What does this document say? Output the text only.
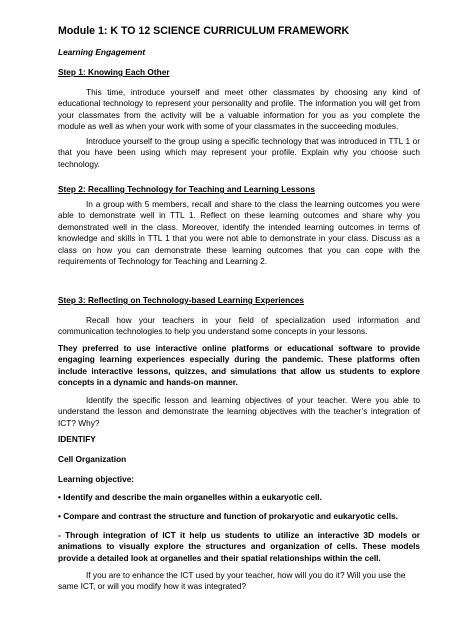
Module 1: K TO 12 SCIENCE CURRICULUM FRAMEWORK

Learning Engagement

Step 1: Knowing Each Other

This time, introduce yourself and meet other classmates by choosing any kind of educational technology to represent your personality and profile. The information you will get from your classmates from the activity will be a valuable information for you as you complete the module as well as when your work with some of your classmates in the succeeding modules.

Introduce yourself to the group using a specific technology that was introduced in TTL 1 or that you have been using which may represent your profile. Explain why you choose such technology.

Step 2: Recalling Technology for Teaching and Learning Lessons

In a group with 5 members, recall and share to the class the learning outcomes you were able to demonstrate well in TTL 1. Reflect on these learning outcomes and share why you demonstrated well in the class. Moreover, identify the intended learning outcomes in terms of knowledge and skills in TTL 1 that you were not able to demonstrate in your class. Discuss as a class on how you can demonstrate these learning outcomes that you can cope with the requirements of Technology for Teaching and Learning 2.

Step 3: Reflecting on Technology-based Learning Experiences

Recall how your teachers in your field of specialization used information and communication technologies to help you understand some concepts in your lessons.

They preferred to use interactive online platforms or educational software to provide engaging learning experiences especially during the pandemic. These platforms often include interactive lessons, quizzes, and simulations that allow us students to explore concepts in a dynamic and hands-on manner.

Identify the specific lesson and learning objectives of your teacher. Were you able to understand the lesson and demonstrate the learning objectives with the teacher’s integration of ICT? Why?

IDENTIFY

Cell Organization

Learning objective:

• Identify and describe the main organelles within a eukaryotic cell.

• Compare and contrast the structure and function of prokaryotic and eukaryotic cells.

- Through integration of ICT it help us students to utilize an interactive 3D models or animations to visually explore the structures and organization of cells. These models provide a detailed look at organelles and their spatial relationships within the cell.

If you are to enhance the ICT used by your teacher, how will you do it? Will you use the same ICT, or will you modify how it was integrated?
